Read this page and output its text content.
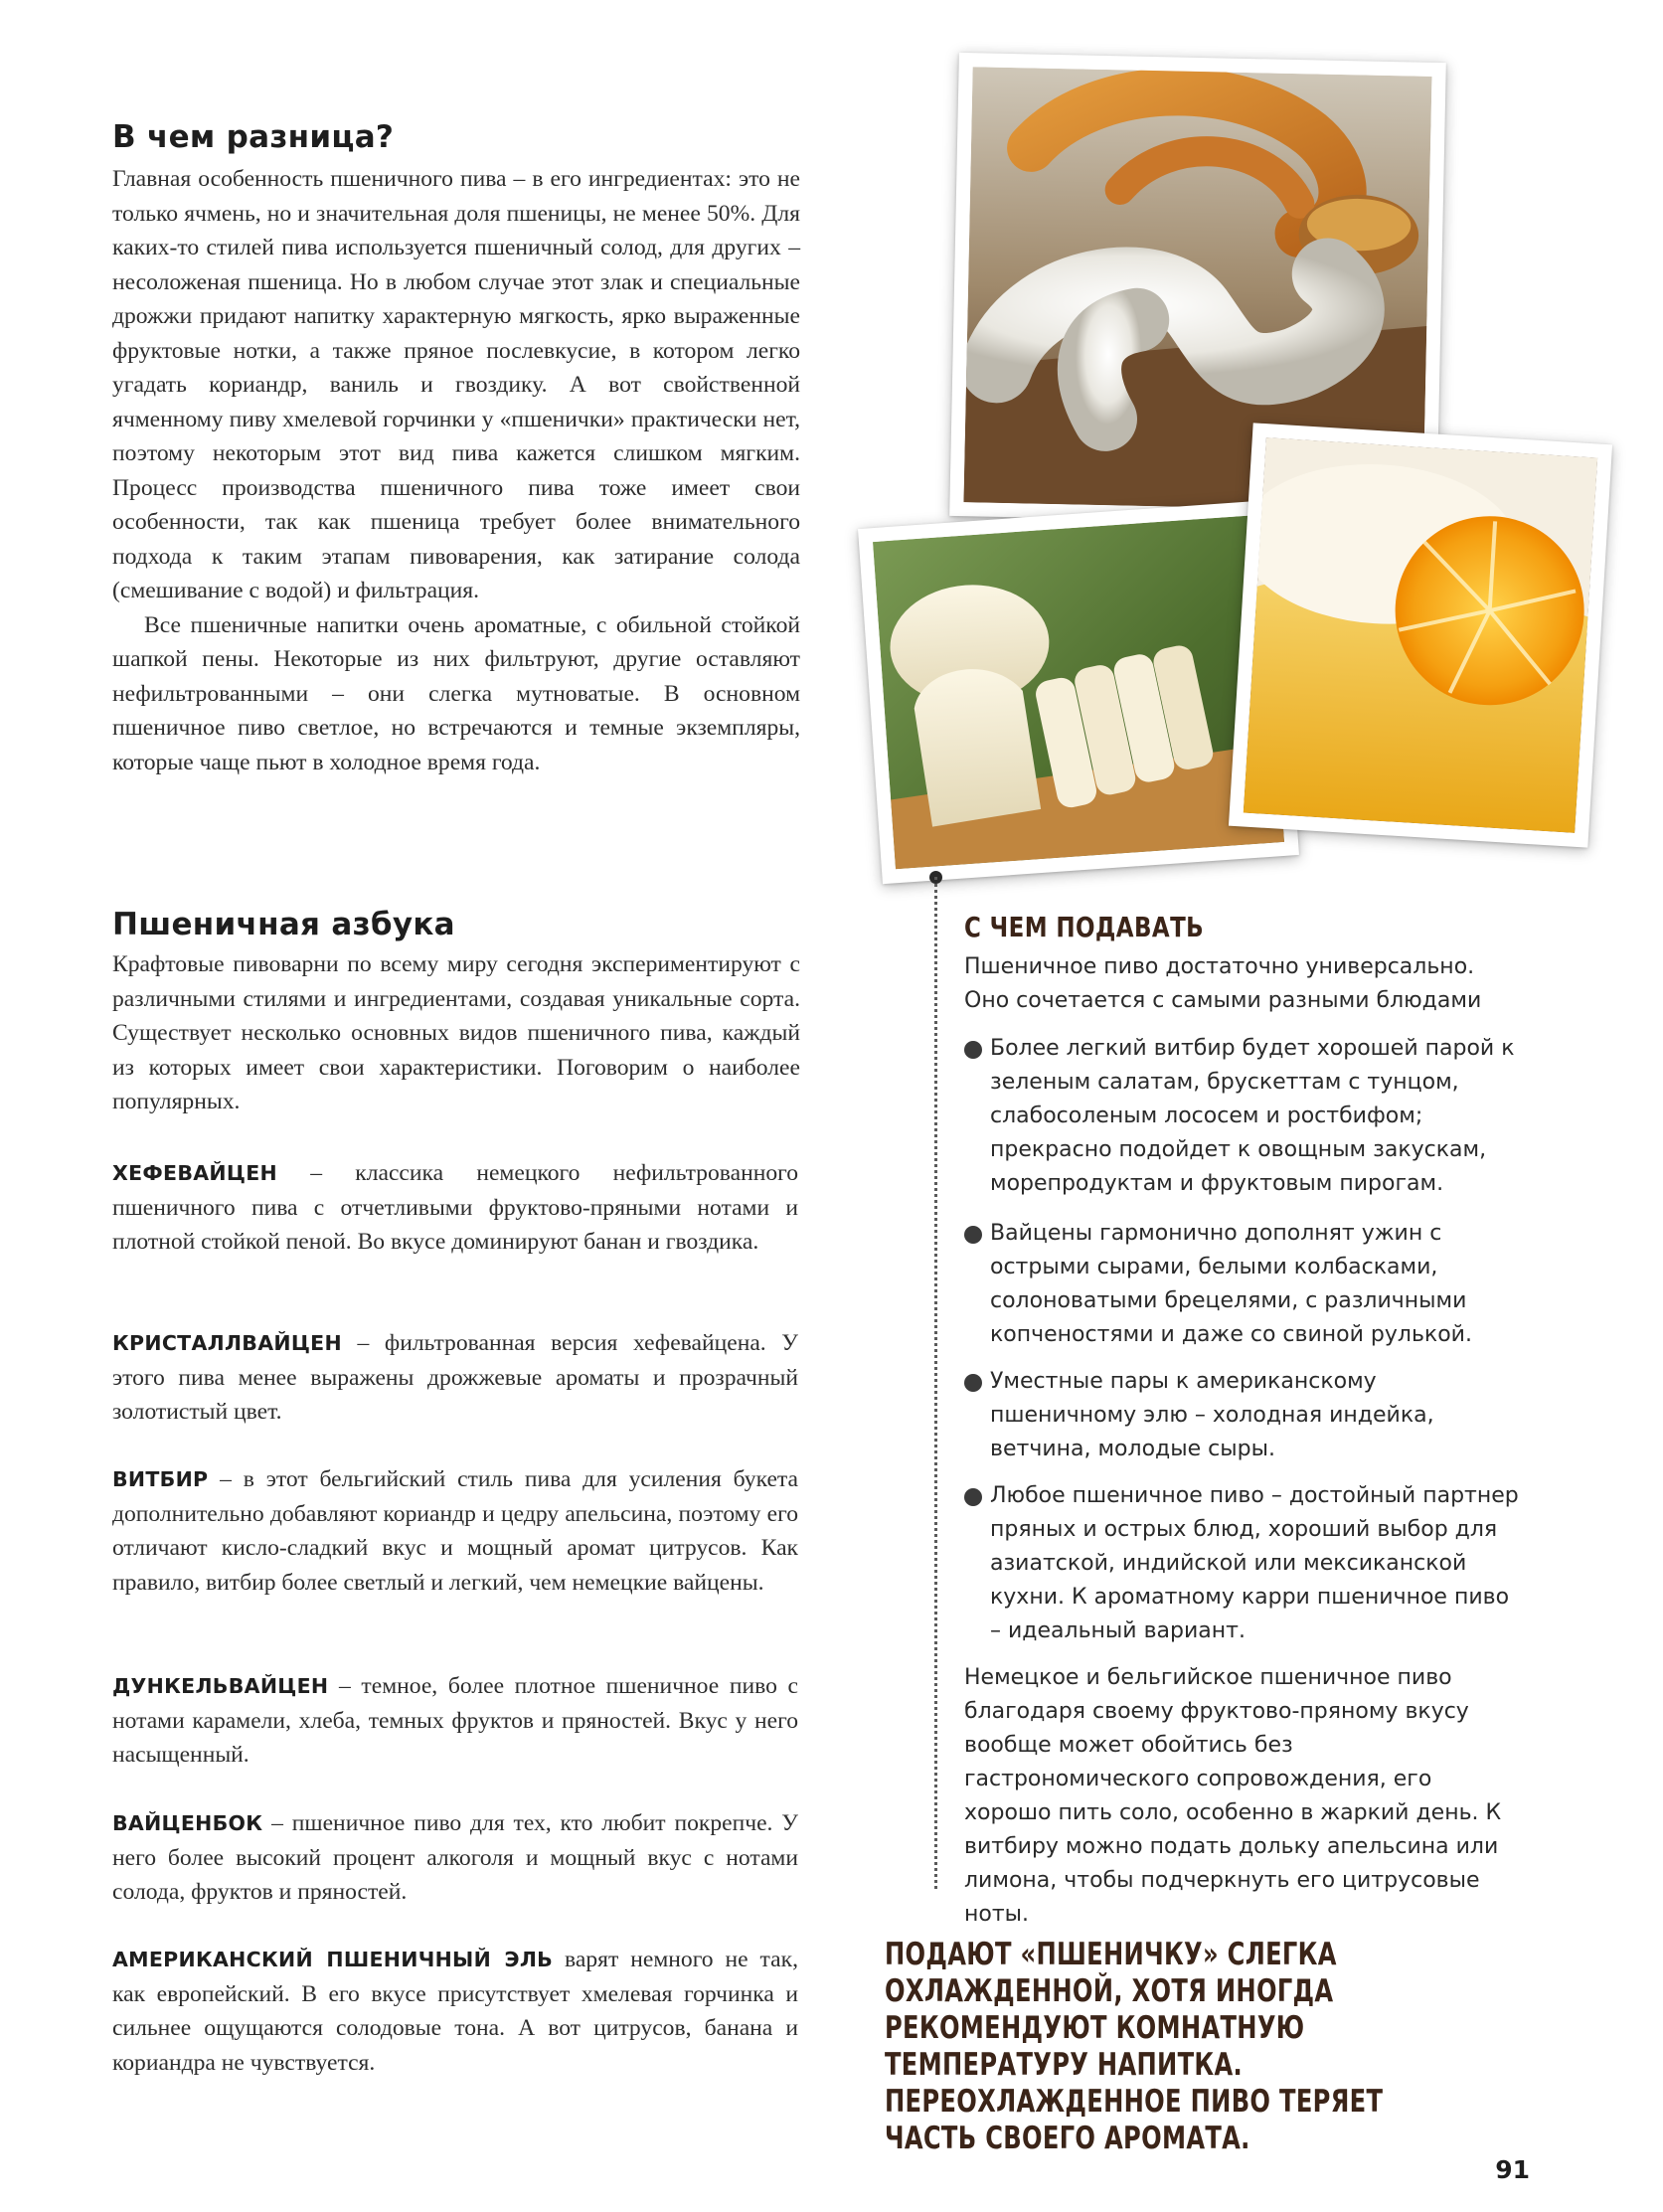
В чем разница?

Главная особенность пшеничного пива – в его ингредиентах: это не только ячмень, но и значительная доля пшеницы, не менее 50%. Для каких-то стилей пива используется пшеничный солод, для других – несоложеная пшеница. Но в любом случае этот злак и специальные дрожжи придают напитку характерную мягкость, ярко выраженные фруктовые нотки, а также пряное послевкусие, в котором легко угадать кориандр, ваниль и гвоздику. А вот свойственной ячменному пиву хмелевой горчинки у «пшенички» практически нет, поэтому некоторым этот вид пива кажется слишком мягким. Процесс производства пшеничного пива тоже имеет свои особенности, так как пшеница требует более внимательного подхода к таким этапам пивоварения, как затирание солода (смешивание с водой) и фильтрация.

Все пшеничные напитки очень ароматные, с обильной стойкой шапкой пены. Некоторые из них фильтруют, другие оставляют нефильтрованными – они слегка мутноватые. В основном пшеничное пиво светлое, но встречаются и темные экземпляры, которые чаще пьют в холодное время года.

Пшеничная азбука
Крафтовые пивоварни по всему миру сегодня экспериментируют с различными стилями и ингредиентами, создавая уникальные сорта. Существует несколько основных видов пшеничного пива, каждый из которых имеет свои характеристики. Поговорим о наиболее популярных.
ХЕФЕВАЙЦЕН – классика немецкого нефильтрованного пшеничного пива с отчетливыми фруктово-пряными нотами и плотной стойкой пеной. Во вкусе доминируют банан и гвоздика.
КРИСТАЛЛВАЙЦЕН – фильтрованная версия хефевайцена. У этого пива менее выражены дрожжевые ароматы и прозрачный золотистый цвет.
ВИТБИР – в этот бельгийский стиль пива для усиления букета дополнительно добавляют кориандр и цедру апельсина, поэтому его отличают кисло-сладкий вкус и мощный аромат цитрусов. Как правило, витбир более светлый и легкий, чем немецкие вайцены.
ДУНКЕЛЬВАЙЦЕН – темное, более плотное пшеничное пиво с нотами карамели, хлеба, темных фруктов и пряностей. Вкус у него насыщенный.
ВАЙЦЕНБОК – пшеничное пиво для тех, кто любит покрепче. У него более высокий процент алкоголя и мощный вкус с нотами солода, фруктов и пряностей.
АМЕРИКАНСКИЙ ПШЕНИЧНЫЙ ЭЛЬ варят немного не так, как европейский. В его вкусе присутствует хмелевая горчинка и сильнее ощущаются солодовые тона. А вот цитрусов, банана и кориандра не чувствуется.
С ЧЕМ ПОДАВАТЬ
Пшеничное пиво достаточно универсально. Оно сочетается с самыми разными блюдами
Более легкий витбир будет хорошей парой к зеленым салатам, брускеттам с тунцом, слабосоленым лососем и ростбифом; прекрасно подойдет к овощным закускам, морепродуктам и фруктовым пирогам.
Вайцены гармонично дополнят ужин с острыми сырами, белыми колбасками, солоноватыми брецелями, с различными копченостями и даже со свиной рулькой.
Уместные пары к американскому пшеничному элю – холодная индейка, ветчина, молодые сыры.
Любое пшеничное пиво – достойный партнер пряных и острых блюд, хороший выбор для азиатской, индийской или мексиканской кухни. К ароматному карри пшеничное пиво – идеальный вариант.
Немецкое и бельгийское пшеничное пиво благодаря своему фруктово-пряному вкусу вообще может обойтись без гастрономического сопровождения, его хорошо пить соло, особенно в жаркий день. К витбиру можно подать дольку апельсина или лимона, чтобы подчеркнуть его цитрусовые ноты.
ПОДАЮТ «ПШЕНИЧКУ» СЛЕГКА ОХЛАЖДЕННОЙ, ХОТЯ ИНОГДА РЕКОМЕНДУЮТ КОМНАТНУЮ ТЕМПЕРАТУРУ НАПИТКА. ПЕРЕОХЛАЖДЕННОЕ ПИВО ТЕРЯЕТ ЧАСТЬ СВОЕГО АРОМАТА.
91
